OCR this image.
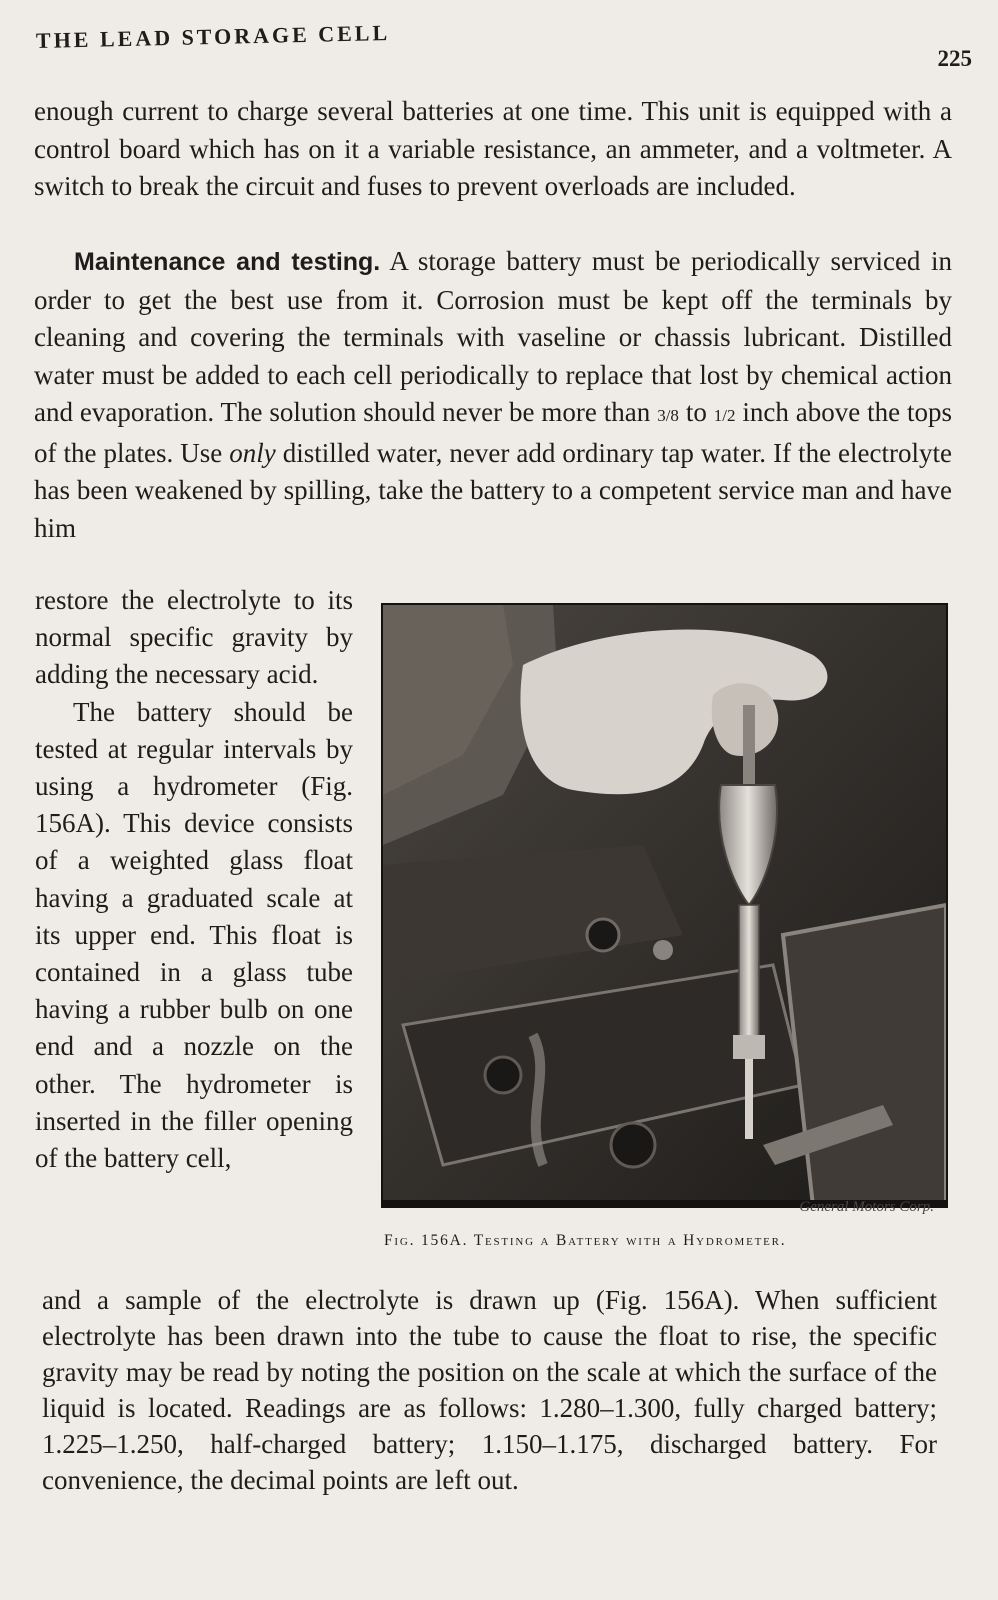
THE LEAD STORAGE CELL
225

enough current to charge several batteries at one time. This unit is equipped with a control board which has on it a variable resistance, an ammeter, and a voltmeter. A switch to break the circuit and fuses to prevent overloads are included.

Maintenance and testing. A storage battery must be periodically serviced in order to get the best use from it. Corrosion must be kept off the terminals by cleaning and covering the terminals with vaseline or chassis lubricant. Distilled water must be added to each cell periodically to replace that lost by chemical action and evaporation. The solution should never be more than 3/8 to 1/2 inch above the tops of the plates. Use only distilled water, never add ordinary tap water. If the electrolyte has been weakened by spilling, take the battery to a competent service man and have him

restore the electrolyte to its normal specific gravity by adding the necessary acid.

The battery should be tested at regular intervals by using a hydrometer (Fig. 156A). This device consists of a weighted glass float having a graduated scale at its upper end. This float is contained in a glass tube having a rubber bulb on one end and a nozzle on the other. The hydrometer is inserted in the filler opening of the battery cell,

General Motors Corp.
Fig. 156A. Testing a Battery with a Hydrometer.

and a sample of the electrolyte is drawn up (Fig. 156A). When sufficient electrolyte has been drawn into the tube to cause the float to rise, the specific gravity may be read by noting the position on the scale at which the surface of the liquid is located. Readings are as follows: 1.280–1.300, fully charged battery; 1.225–1.250, half-charged battery; 1.150–1.175, discharged battery. For convenience, the decimal points are left out.
